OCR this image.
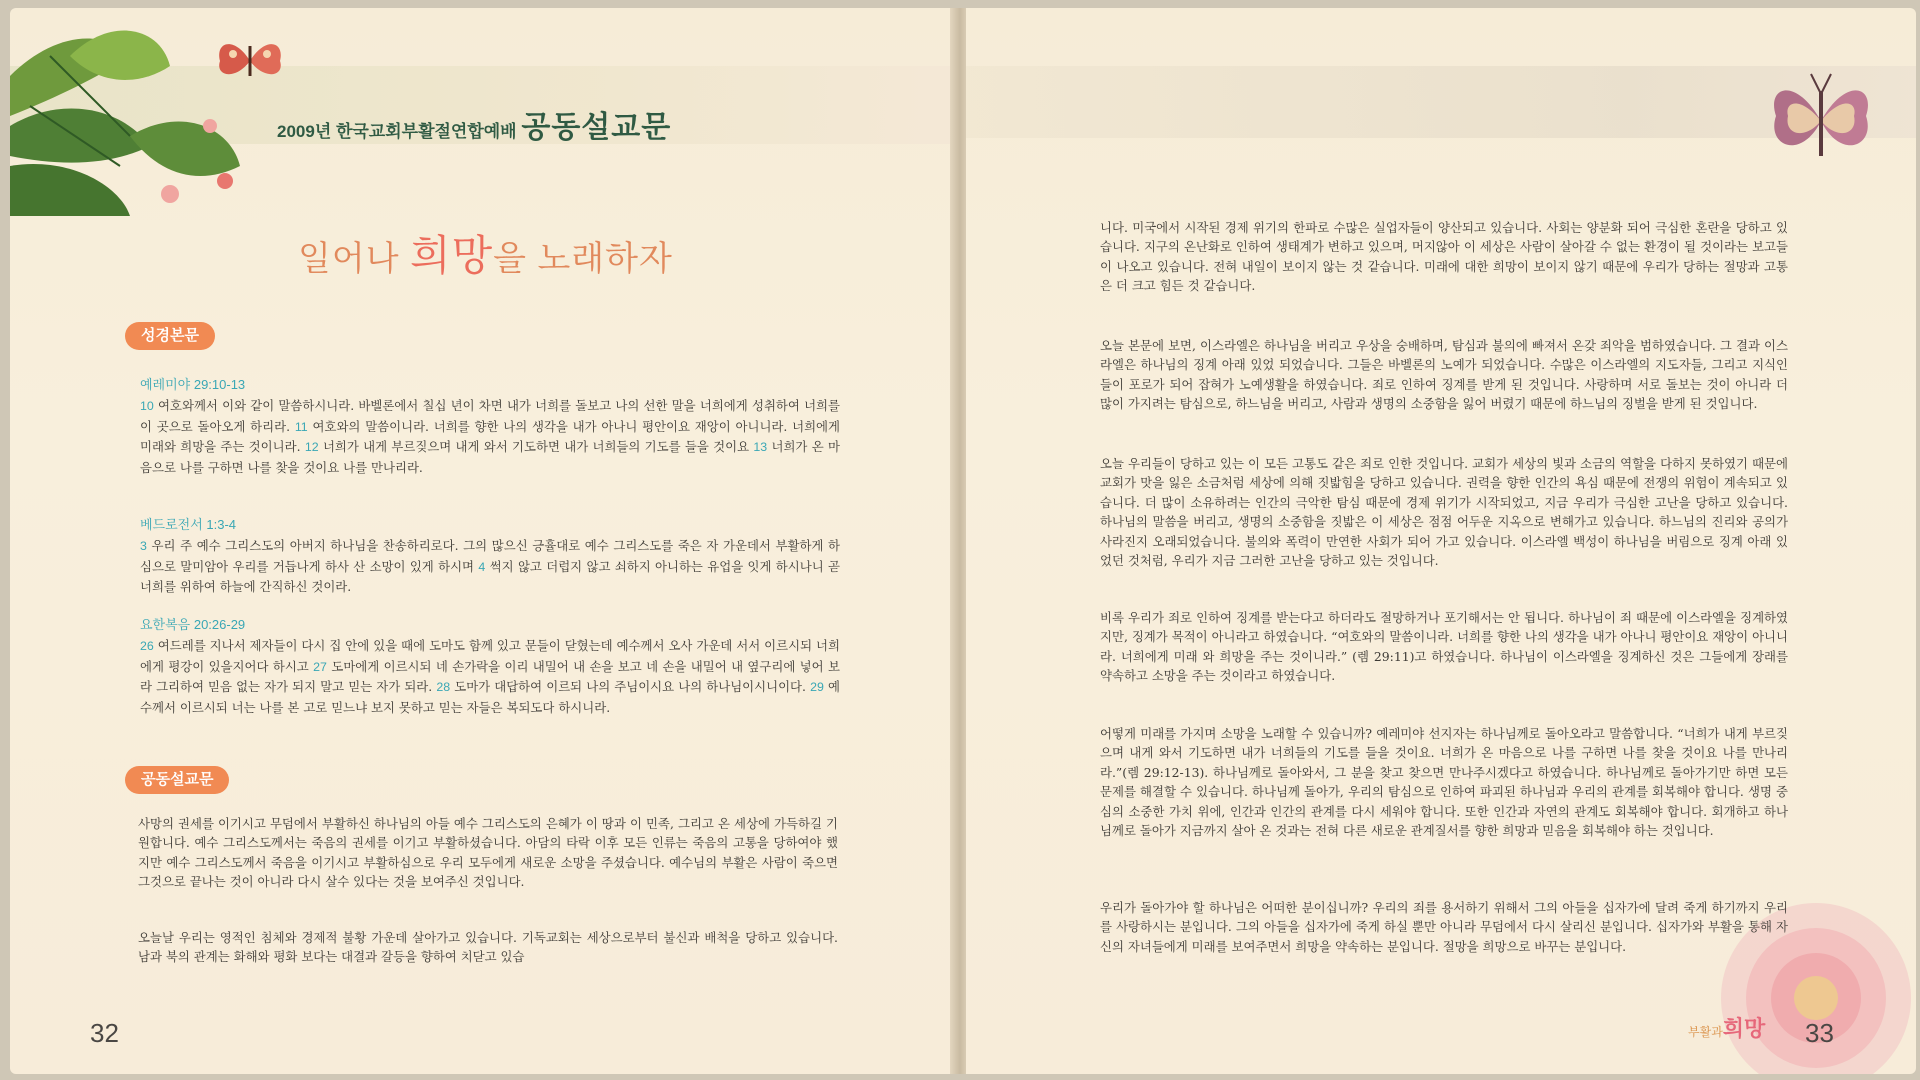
2009년 한국교회부활절연합예배 공동설교문
일어나 희망을 노래하자
성경본문
예레미야 29:10-13
10 여호와께서 이와 같이 말씀하시니라. 바벨론에서 칠십 년이 차면 내가 너희를 돌보고 나의 선한 말을 너희에게 성취하여 너희를 이 곳으로 돌아오게 하리라. 11 여호와의 말씀이니라. 너희를 향한 나의 생각을 내가 아나니 평안이요 재앙이 아니니라. 너희에게 미래와 희망을 주는 것이니라. 12 너희가 내게 부르짖으며 내게 와서 기도하면 내가 너희들의 기도를 들을 것이요 13 너희가 온 마음으로 나를 구하면 나를 찾을 것이요 나를 만나리라.
베드로전서 1:3-4
3 우리 주 예수 그리스도의 아버지 하나님을 찬송하리로다. 그의 많으신 긍휼대로 예수 그리스도를 죽은 자 가운데서 부활하게 하심으로 말미암아 우리를 거듭나게 하사 산 소망이 있게 하시며 4 썩지 않고 더럽지 않고 쇠하지 아니하는 유업을 잇게 하시나니 곧 너희를 위하여 하늘에 간직하신 것이라.
요한복음 20:26-29
26 여드레를 지나서 제자들이 다시 집 안에 있을 때에 도마도 함께 있고 문들이 닫혔는데 예수께서 오사 가운데 서서 이르시되 너희에게 평강이 있을지어다 하시고 27 도마에게 이르시되 네 손가락을 이리 내밀어 내 손을 보고 네 손을 내밀어 내 옆구리에 넣어 보라 그리하여 믿음 없는 자가 되지 말고 믿는 자가 되라. 28 도마가 대답하여 이르되 나의 주님이시요 나의 하나님이시니이다. 29 예수께서 이르시되 너는 나를 본 고로 믿느냐 보지 못하고 믿는 자들은 복되도다 하시니라.
공동설교문
사망의 권세를 이기시고 무덤에서 부활하신 하나님의 아들 예수 그리스도의 은혜가 이 땅과 이 민족, 그리고 온 세상에 가득하길 기원합니다. 예수 그리스도께서는 죽음의 권세를 이기고 부활하셨습니다. 아담의 타락 이후 모든 인류는 죽음의 고통을 당하여야 했지만 예수 그리스도께서 죽음을 이기시고 부활하심으로 우리 모두에게 새로운 소망을 주셨습니다. 예수님의 부활은 사람이 죽으면 그것으로 끝나는 것이 아니라 다시 살수 있다는 것을 보여주신 것입니다.
오늘날 우리는 영적인 침체와 경제적 불황 가운데 살아가고 있습니다. 기독교회는 세상으로부터 불신과 배척을 당하고 있습니다. 남과 북의 관계는 화해와 평화 보다는 대결과 갈등을 향하여 치닫고 있습
32
니다. 미국에서 시작된 경제 위기의 한파로 수많은 실업자들이 양산되고 있습니다. 사회는 양분화 되어 극심한 혼란을 당하고 있습니다. 지구의 온난화로 인하여 생태계가 변하고 있으며, 머지않아 이 세상은 사람이 살아갈 수 없는 환경이 될 것이라는 보고들이 나오고 있습니다. 전혀 내일이 보이지 않는 것 같습니다. 미래에 대한 희망이 보이지 않기 때문에 우리가 당하는 절망과 고통은 더 크고 힘든 것 같습니다.
오늘 본문에 보면, 이스라엘은 하나님을 버리고 우상을 숭배하며, 탐심과 불의에 빠져서 온갖 죄악을 범하였습니다. 그 결과 이스라엘은 하나님의 징계 아래 있었 되었습니다. 그들은 바벨론의 노예가 되었습니다. 수많은 이스라엘의 지도자들, 그리고 지식인들이 포로가 되어 잡혀가 노예생활을 하였습니다. 죄로 인하여 징계를 받게 된 것입니다. 사랑하며 서로 돌보는 것이 아니라 더 많이 가지려는 탐심으로, 하느님을 버리고, 사람과 생명의 소중함을 잃어 버렸기 때문에 하느님의 징벌을 받게 된 것입니다.
오늘 우리들이 당하고 있는 이 모든 고통도 같은 죄로 인한 것입니다. 교회가 세상의 빛과 소금의 역할을 다하지 못하였기 때문에 교회가 맛을 잃은 소금처럼 세상에 의해 짓밟힘을 당하고 있습니다. 권력을 향한 인간의 욕심 때문에 전쟁의 위험이 계속되고 있습니다. 더 많이 소유하려는 인간의 극악한 탐심 때문에 경제 위기가 시작되었고, 지금 우리가 극심한 고난을 당하고 있습니다. 하나님의 말씀을 버리고, 생명의 소중함을 짓밟은 이 세상은 점점 어두운 지옥으로 변해가고 있습니다. 하느님의 진리와 공의가 사라진지 오래되었습니다. 불의와 폭력이 만연한 사회가 되어 가고 있습니다. 이스라엘 백성이 하나님을 버림으로 징계 아래 있었던 것처럼, 우리가 지금 그러한 고난을 당하고 있는 것입니다.
비록 우리가 죄로 인하여 징계를 받는다고 하더라도 절망하거나 포기해서는 안 됩니다. 하나님이 죄 때문에 이스라엘을 징계하였지만, 징계가 목적이 아니라고 하였습니다. “여호와의 말씀이니라. 너희를 향한 나의 생각을 내가 아나니 평안이요 재앙이 아니니라. 너희에게 미래 와 희망을 주는 것이니라.” (렘 29:11)고 하였습니다. 하나님이 이스라엘을 징계하신 것은 그들에게 장래를 약속하고 소망을 주는 것이라고 하였습니다.
어떻게 미래를 가지며 소망을 노래할 수 있습니까? 예레미야 선지자는 하나님께로 돌아오라고 말씀합니다. “너희가 내게 부르짖으며 내게 와서 기도하면 내가 너희들의 기도를 들을 것이요. 너희가 온 마음으로 나를 구하면 나를 찾을 것이요 나를 만나리라.”(렘 29:12-13). 하나님께로 돌아와서, 그 분을 찾고 찾으면 만나주시겠다고 하였습니다. 하나님께로 돌아가기만 하면 모든 문제를 해결할 수 있습니다. 하나님께 돌아가, 우리의 탐심으로 인하여 파괴된 하나님과 우리의 관계를 회복해야 합니다. 생명 중심의 소중한 가치 위에, 인간과 인간의 관계를 다시 세워야 합니다. 또한 인간과 자연의 관계도 회복해야 합니다. 회개하고 하나님께로 돌아가 지금까지 살아 온 것과는 전혀 다른 새로운 관계질서를 향한 희망과 믿음을 회복해야 하는 것입니다.
우리가 돌아가야 할 하나님은 어떠한 분이십니까? 우리의 죄를 용서하기 위해서 그의 아들을 십자가에 달려 죽게 하기까지 우리를 사랑하시는 분입니다. 그의 아들을 십자가에 죽게 하실 뿐만 아니라 무덤에서 다시 살리신 분입니다. 십자가와 부활을 통해 자신의 자녀들에게 미래를 보여주면서 희망을 약속하는 분입니다. 절망을 희망으로 바꾸는 분입니다.
부활과희망 33
